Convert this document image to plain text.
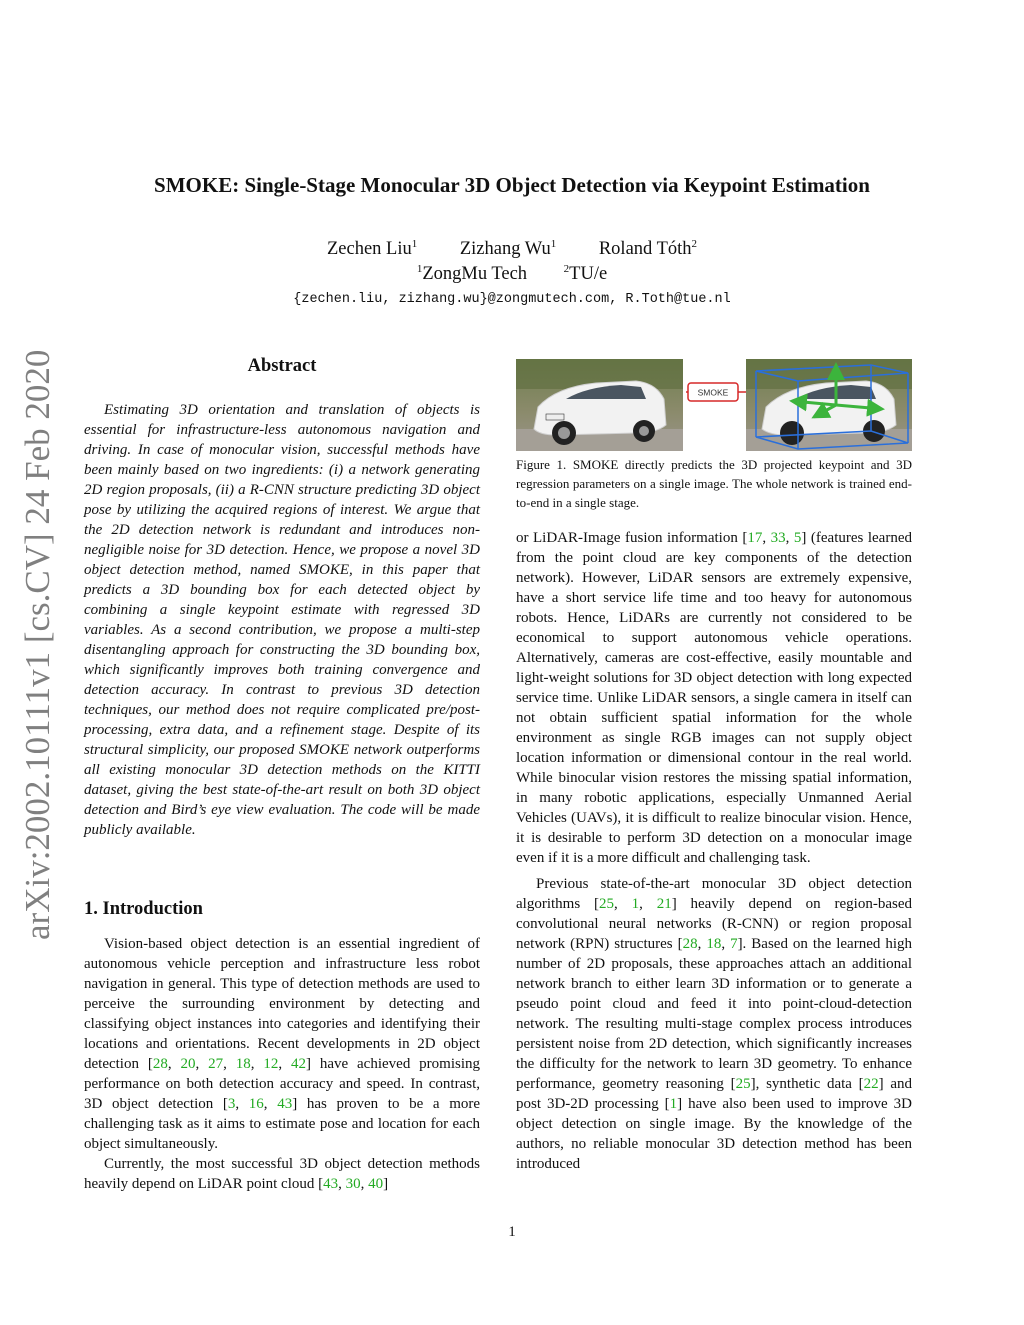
SMOKE: Single-Stage Monocular 3D Object Detection via Keypoint Estimation
Zechen Liu$^1$ Zizhang Wu$^1$ Roland Tóth$^2$
$^1$ZongMu Tech	$^2$TU/e
{zechen.liu, zizhang.wu}@zongmutech.com, R.Toth@tue.nl
arXiv:2002.10111v1 [cs.CV] 24 Feb 2020	Abstract

Estimating 3D orientation and translation of objects is essential for infrastructure-less autonomous navigation and driving. In case of monocular vision, successful methods have been mainly based on two ingredients: (i) a network generating 2D region proposals, (ii) a R-CNN structure predicting 3D object pose by utilizing the acquired regions of interest. We argue that the 2D detection network is redundant and introduces non-negligible noise for 3D detection. Hence, we propose a novel 3D object detection method, named SMOKE, in this paper that predicts a 3D bounding box for each detected object by combining a single keypoint estimate with regressed 3D variables. As a second contribution, we propose a multi-step disentangling approach for constructing the 3D bounding box, which significantly improves both training convergence and detection accuracy. In contrast to previous 3D detection techniques, our method does not require complicated pre/post-processing, extra data, and a refinement stage. Despite of its structural simplicity, our proposed SMOKE network outperforms all existing monocular 3D detection methods on the KITTI dataset, giving the best state-of-the-art result on both 3D object detection and Bird’s eye view evaluation. The code will be made publicly available.

1. Introduction

Vision-based object detection is an essential ingredient of autonomous vehicle perception and infrastructure less robot navigation in general. This type of detection methods are used to perceive the surrounding environment by detecting and classifying object instances into categories and identifying their locations and orientations. Recent developments in 2D object detection [28, 20, 27, 18, 12, 42] have achieved promising performance on both detection accuracy and speed. In contrast, 3D object detection [3, 16, 43] has proven to be a more challenging task as it aims to estimate pose and location for each object simultaneously.

Currently, the most successful 3D object detection methods heavily depend on LiDAR point cloud [43, 30, 40]

SMOKE

Figure 1. SMOKE directly predicts the 3D projected keypoint and 3D regression parameters on a single image. The whole network is trained end-to-end in a single stage.

or LiDAR-Image fusion information [17, 33, 5] (features learned from the point cloud are key components of the detection network). However, LiDAR sensors are extremely expensive, have a short service life time and too heavy for autonomous robots. Hence, LiDARs are currently not considered to be economical to support autonomous vehicle operations. Alternatively, cameras are cost-effective, easily mountable and light-weight solutions for 3D object detection with long expected service time. Unlike LiDAR sensors, a single camera in itself can not obtain sufficient spatial information for the whole environment as single RGB images can not supply object location information or dimensional contour in the real world. While binocular vision restores the missing spatial information, in many robotic applications, especially Unmanned Aerial Vehicles (UAVs), it is difficult to realize binocular vision. Hence, it is desirable to perform 3D detection on a monocular image even if it is a more difficult and challenging task.

Previous state-of-the-art monocular 3D object detection algorithms [25, 1, 21] heavily depend on region-based convolutional neural networks (R-CNN) or region proposal network (RPN) structures [28, 18, 7]. Based on the learned high number of 2D proposals, these approaches attach an additional network branch to either learn 3D information or to generate a pseudo point cloud and feed it into point-cloud-detection network. The resulting multi-stage complex process introduces persistent noise from 2D detection, which significantly increases the difficulty for the network to learn 3D geometry. To enhance performance, geometry reasoning [25], synthetic data [22] and post 3D-2D processing [1] have also been used to improve 3D object detection on single image. By the knowledge of the authors, no reliable monocular 3D detection method has been introduced

1
